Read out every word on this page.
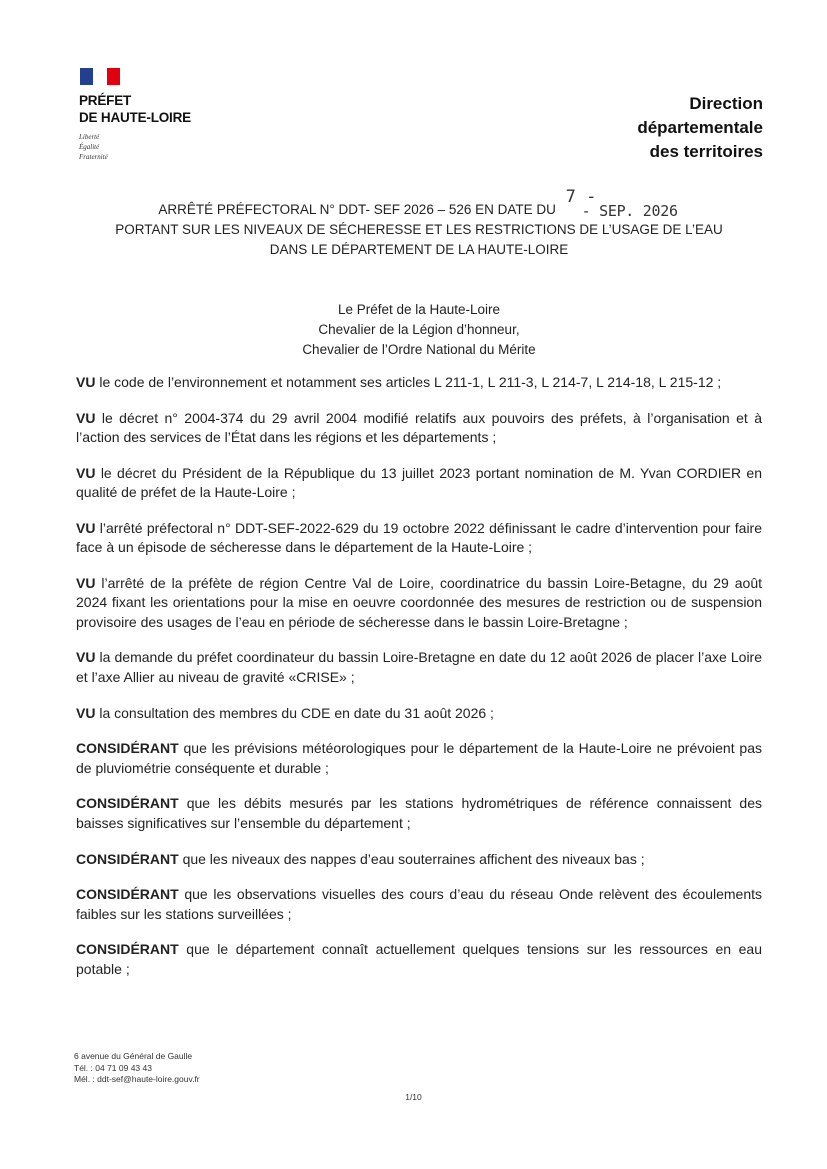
PRÉFET
DE HAUTE-LOIRE
Liberté
Égalité
Fraternité
Direction
départementale
des territoires
ARRÊTÉ PRÉFECTORAL N° DDT- SEF 2026 – 526 EN DATE DU
7 -
- SEP. 2026
PORTANT SUR LES NIVEAUX DE SÉCHERESSE ET LES RESTRICTIONS DE L’USAGE DE L’EAU
DANS LE DÉPARTEMENT DE LA HAUTE-LOIRE
Le Préfet de la Haute-Loire
Chevalier de la Légion d’honneur,
Chevalier de l’Ordre National du Mérite

VU le code de l’environnement et notamment ses articles L 211-1, L 211-3, L 214-7, L 214-18, L 215-12 ;

VU le décret n° 2004-374 du 29 avril 2004 modifié relatifs aux pouvoirs des préfets, à l’organisation et à l’action des services de l’État dans les régions et les départements ;

VU le décret du Président de la République du 13 juillet 2023 portant nomination de M. Yvan CORDIER en qualité de préfet de la Haute-Loire ;

VU l’arrêté préfectoral n° DDT-SEF-2022-629 du 19 octobre 2022 définissant le cadre d’intervention pour faire face à un épisode de sécheresse dans le département de la Haute-Loire ;

VU l’arrêté de la préfète de région Centre Val de Loire, coordinatrice du bassin Loire-Betagne, du 29 août 2024 fixant les orientations pour la mise en oeuvre coordonnée des mesures de restriction ou de suspension provisoire des usages de l’eau en période de sécheresse dans le bassin Loire-Bretagne ;

VU la demande du préfet coordinateur du bassin Loire-Bretagne en date du 12 août 2026 de placer l’axe Loire et l’axe Allier au niveau de gravité «CRISE» ;

VU la consultation des membres du CDE en date du 31 août 2026 ;

CONSIDÉRANT que les prévisions météorologiques pour le département de la Haute-Loire ne prévoient pas de pluviométrie conséquente et durable ;

CONSIDÉRANT que les débits mesurés par les stations hydrométriques de référence connaissent des baisses significatives sur l’ensemble du département ;

CONSIDÉRANT que les niveaux des nappes d’eau souterraines affichent des niveaux bas ;

CONSIDÉRANT que les observations visuelles des cours d’eau du réseau Onde relèvent des écoulements faibles sur les stations surveillées ;

CONSIDÉRANT que le département connaît actuellement quelques tensions sur les ressources en eau potable ;

6 avenue du Général de Gaulle
Tél. : 04 71 09 43 43
Mél. : ddt-sef@haute-loire.gouv.fr
1/10
